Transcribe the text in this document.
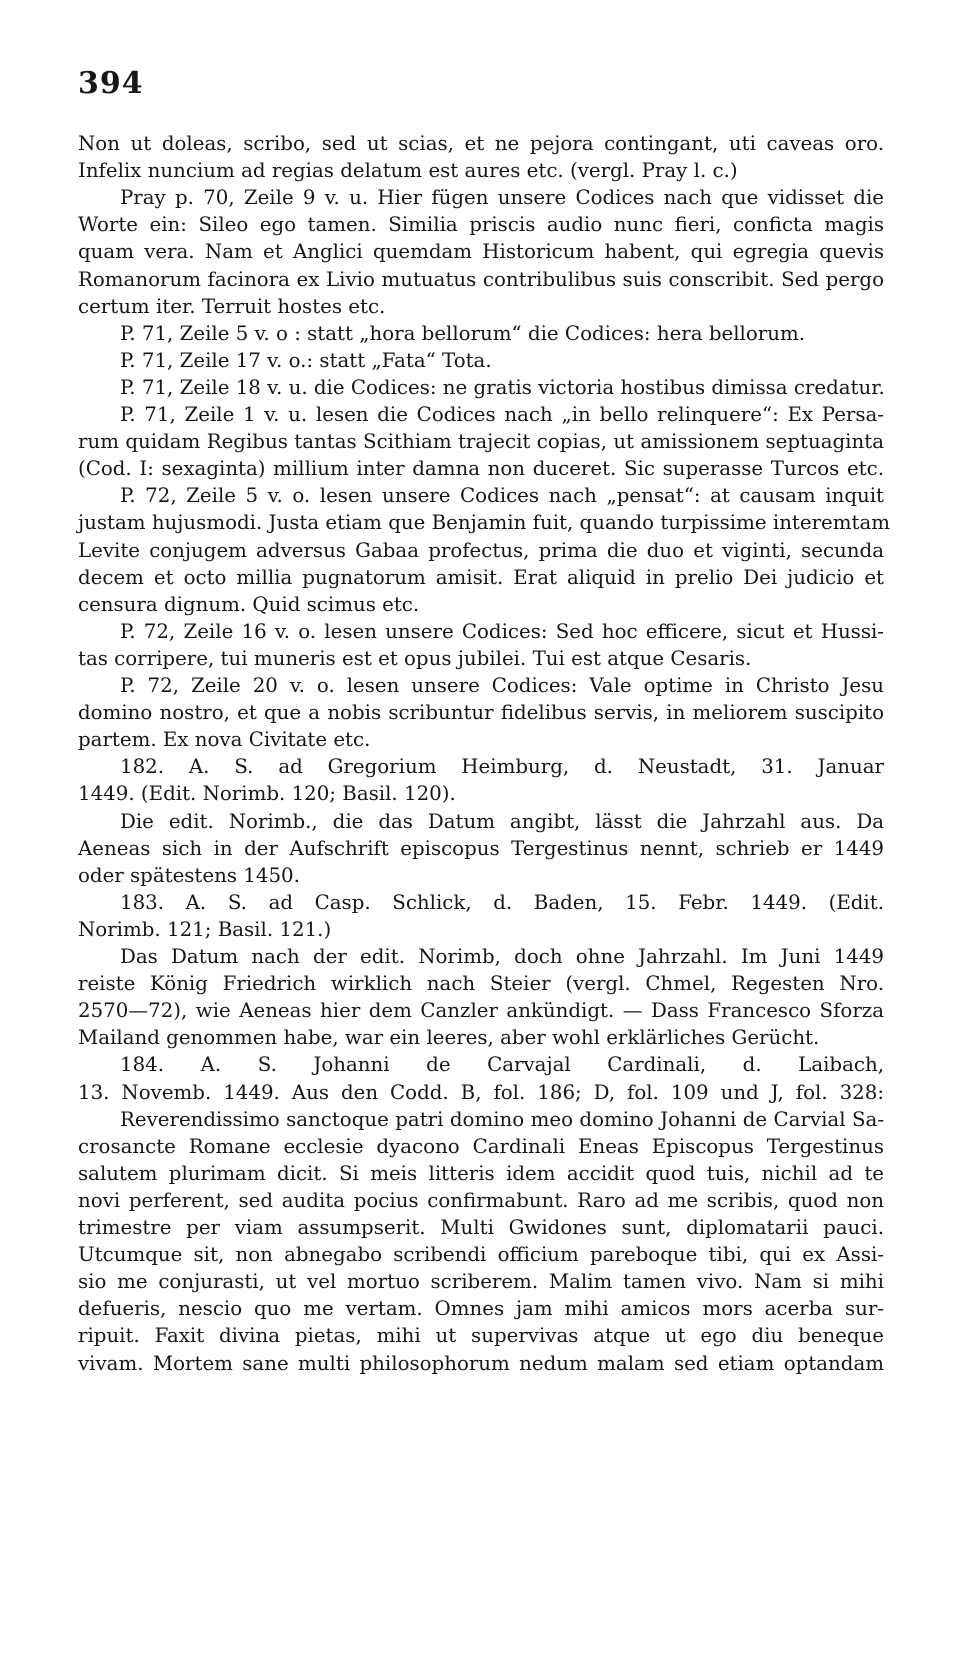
394
Non ut doleas, scribo, sed ut scias, et ne pejora contingant, uti caveas oro.
Infelix nuncium ad regias delatum est aures etc. (vergl. Pray l. c.)
Pray p. 70, Zeile 9 v. u. Hier fügen unsere Codices nach que vidisset die
Worte ein: Sileo ego tamen. Similia priscis audio nunc fieri, conficta magis
quam vera. Nam et Anglici quemdam Historicum habent, qui egregia quevis
Romanorum facinora ex Livio mutuatus contribulibus suis conscribit. Sed pergo
certum iter. Terruit hostes etc.
P. 71, Zeile 5 v. o : statt „hora bellorum“ die Codices: hera bellorum.
P. 71, Zeile 17 v. o.: statt „Fata“ Tota.
P. 71, Zeile 18 v. u. die Codices: ne gratis victoria hostibus dimissa credatur.
P. 71, Zeile 1 v. u. lesen die Codices nach „in bello relinquere“: Ex Persa-
rum quidam Regibus tantas Scithiam trajecit copias, ut amissionem septuaginta
(Cod. I: sexaginta) millium inter damna non duceret. Sic superasse Turcos etc.
P. 72, Zeile 5 v. o. lesen unsere Codices nach „pensat“: at causam inquit
justam hujusmodi. Justa etiam que Benjamin fuit, quando turpissime interemtam
Levite conjugem adversus Gabaa profectus, prima die duo et viginti, secunda
decem et octo millia pugnatorum amisit. Erat aliquid in prelio Dei judicio et
censura dignum. Quid scimus etc.
P. 72, Zeile 16 v. o. lesen unsere Codices: Sed hoc efficere, sicut et Hussi-
tas corripere, tui muneris est et opus jubilei. Tui est atque Cesaris.
P. 72, Zeile 20 v. o. lesen unsere Codices: Vale optime in Christo Jesu
domino nostro, et que a nobis scribuntur fidelibus servis, in meliorem suscipito
partem. Ex nova Civitate etc.
182. A. S. ad Gregorium Heimburg, d. Neustadt, 31. Januar
1449. (Edit. Norimb. 120; Basil. 120).
Die edit. Norimb., die das Datum angibt, lässt die Jahrzahl aus. Da
Aeneas sich in der Aufschrift episcopus Tergestinus nennt, schrieb er 1449
oder spätestens 1450.
183. A. S. ad Casp. Schlick, d. Baden, 15. Febr. 1449. (Edit.
Norimb. 121; Basil. 121.)
Das Datum nach der edit. Norimb, doch ohne Jahrzahl. Im Juni 1449
reiste König Friedrich wirklich nach Steier (vergl. Chmel, Regesten Nro.
2570—72), wie Aeneas hier dem Canzler ankündigt. — Dass Francesco Sforza
Mailand genommen habe, war ein leeres, aber wohl erklärliches Gerücht.
184. A. S. Johanni de Carvajal Cardinali, d. Laibach,
13. Novemb. 1449. Aus den Codd. B, fol. 186; D, fol. 109 und J, fol. 328:
Reverendissimo sanctoque patri domino meo domino Johanni de Carvial Sa-
crosancte Romane ecclesie dyacono Cardinali Eneas Episcopus Tergestinus
salutem plurimam dicit. Si meis litteris idem accidit quod tuis, nichil ad te
novi perferent, sed audita pocius confirmabunt. Raro ad me scribis, quod non
trimestre per viam assumpserit. Multi Gwidones sunt, diplomatarii pauci.
Utcumque sit, non abnegabo scribendi officium pareboque tibi, qui ex Assi-
sio me conjurasti, ut vel mortuo scriberem. Malim tamen vivo. Nam si mihi
defueris, nescio quo me vertam. Omnes jam mihi amicos mors acerba sur-
ripuit. Faxit divina pietas, mihi ut supervivas atque ut ego diu beneque
vivam. Mortem sane multi philosophorum nedum malam sed etiam optandam
